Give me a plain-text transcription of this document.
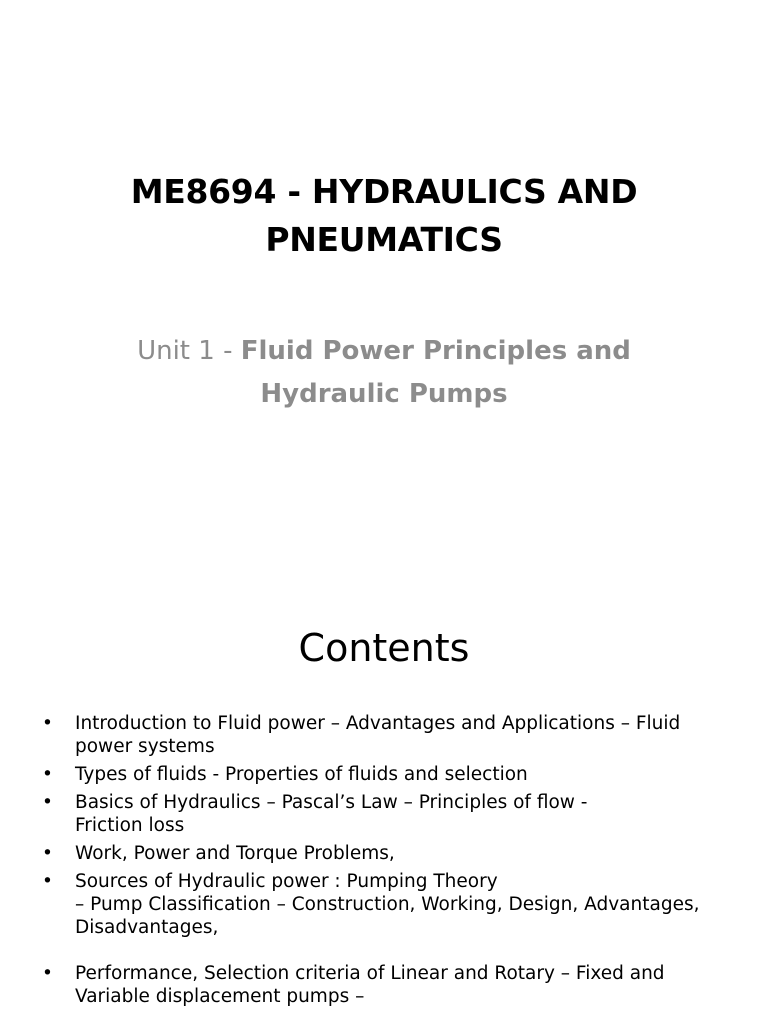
ME8694 - HYDRAULICS AND
PNEUMATICS

Unit 1 - Fluid Power Principles and
Hydraulic Pumps

Contents
• Introduction to Fluid power – Advantages and Applications – Fluid
power systems
• Types of fluids - Properties of fluids and selection
• Basics of Hydraulics – Pascal’s Law – Principles of flow -
Friction loss
• Work, Power and Torque Problems,
• Sources of Hydraulic power : Pumping Theory
– Pump Classification – Construction, Working, Design, Advantages,
Disadvantages,
• Performance, Selection criteria of Linear and Rotary – Fixed and
Variable displacement pumps –
